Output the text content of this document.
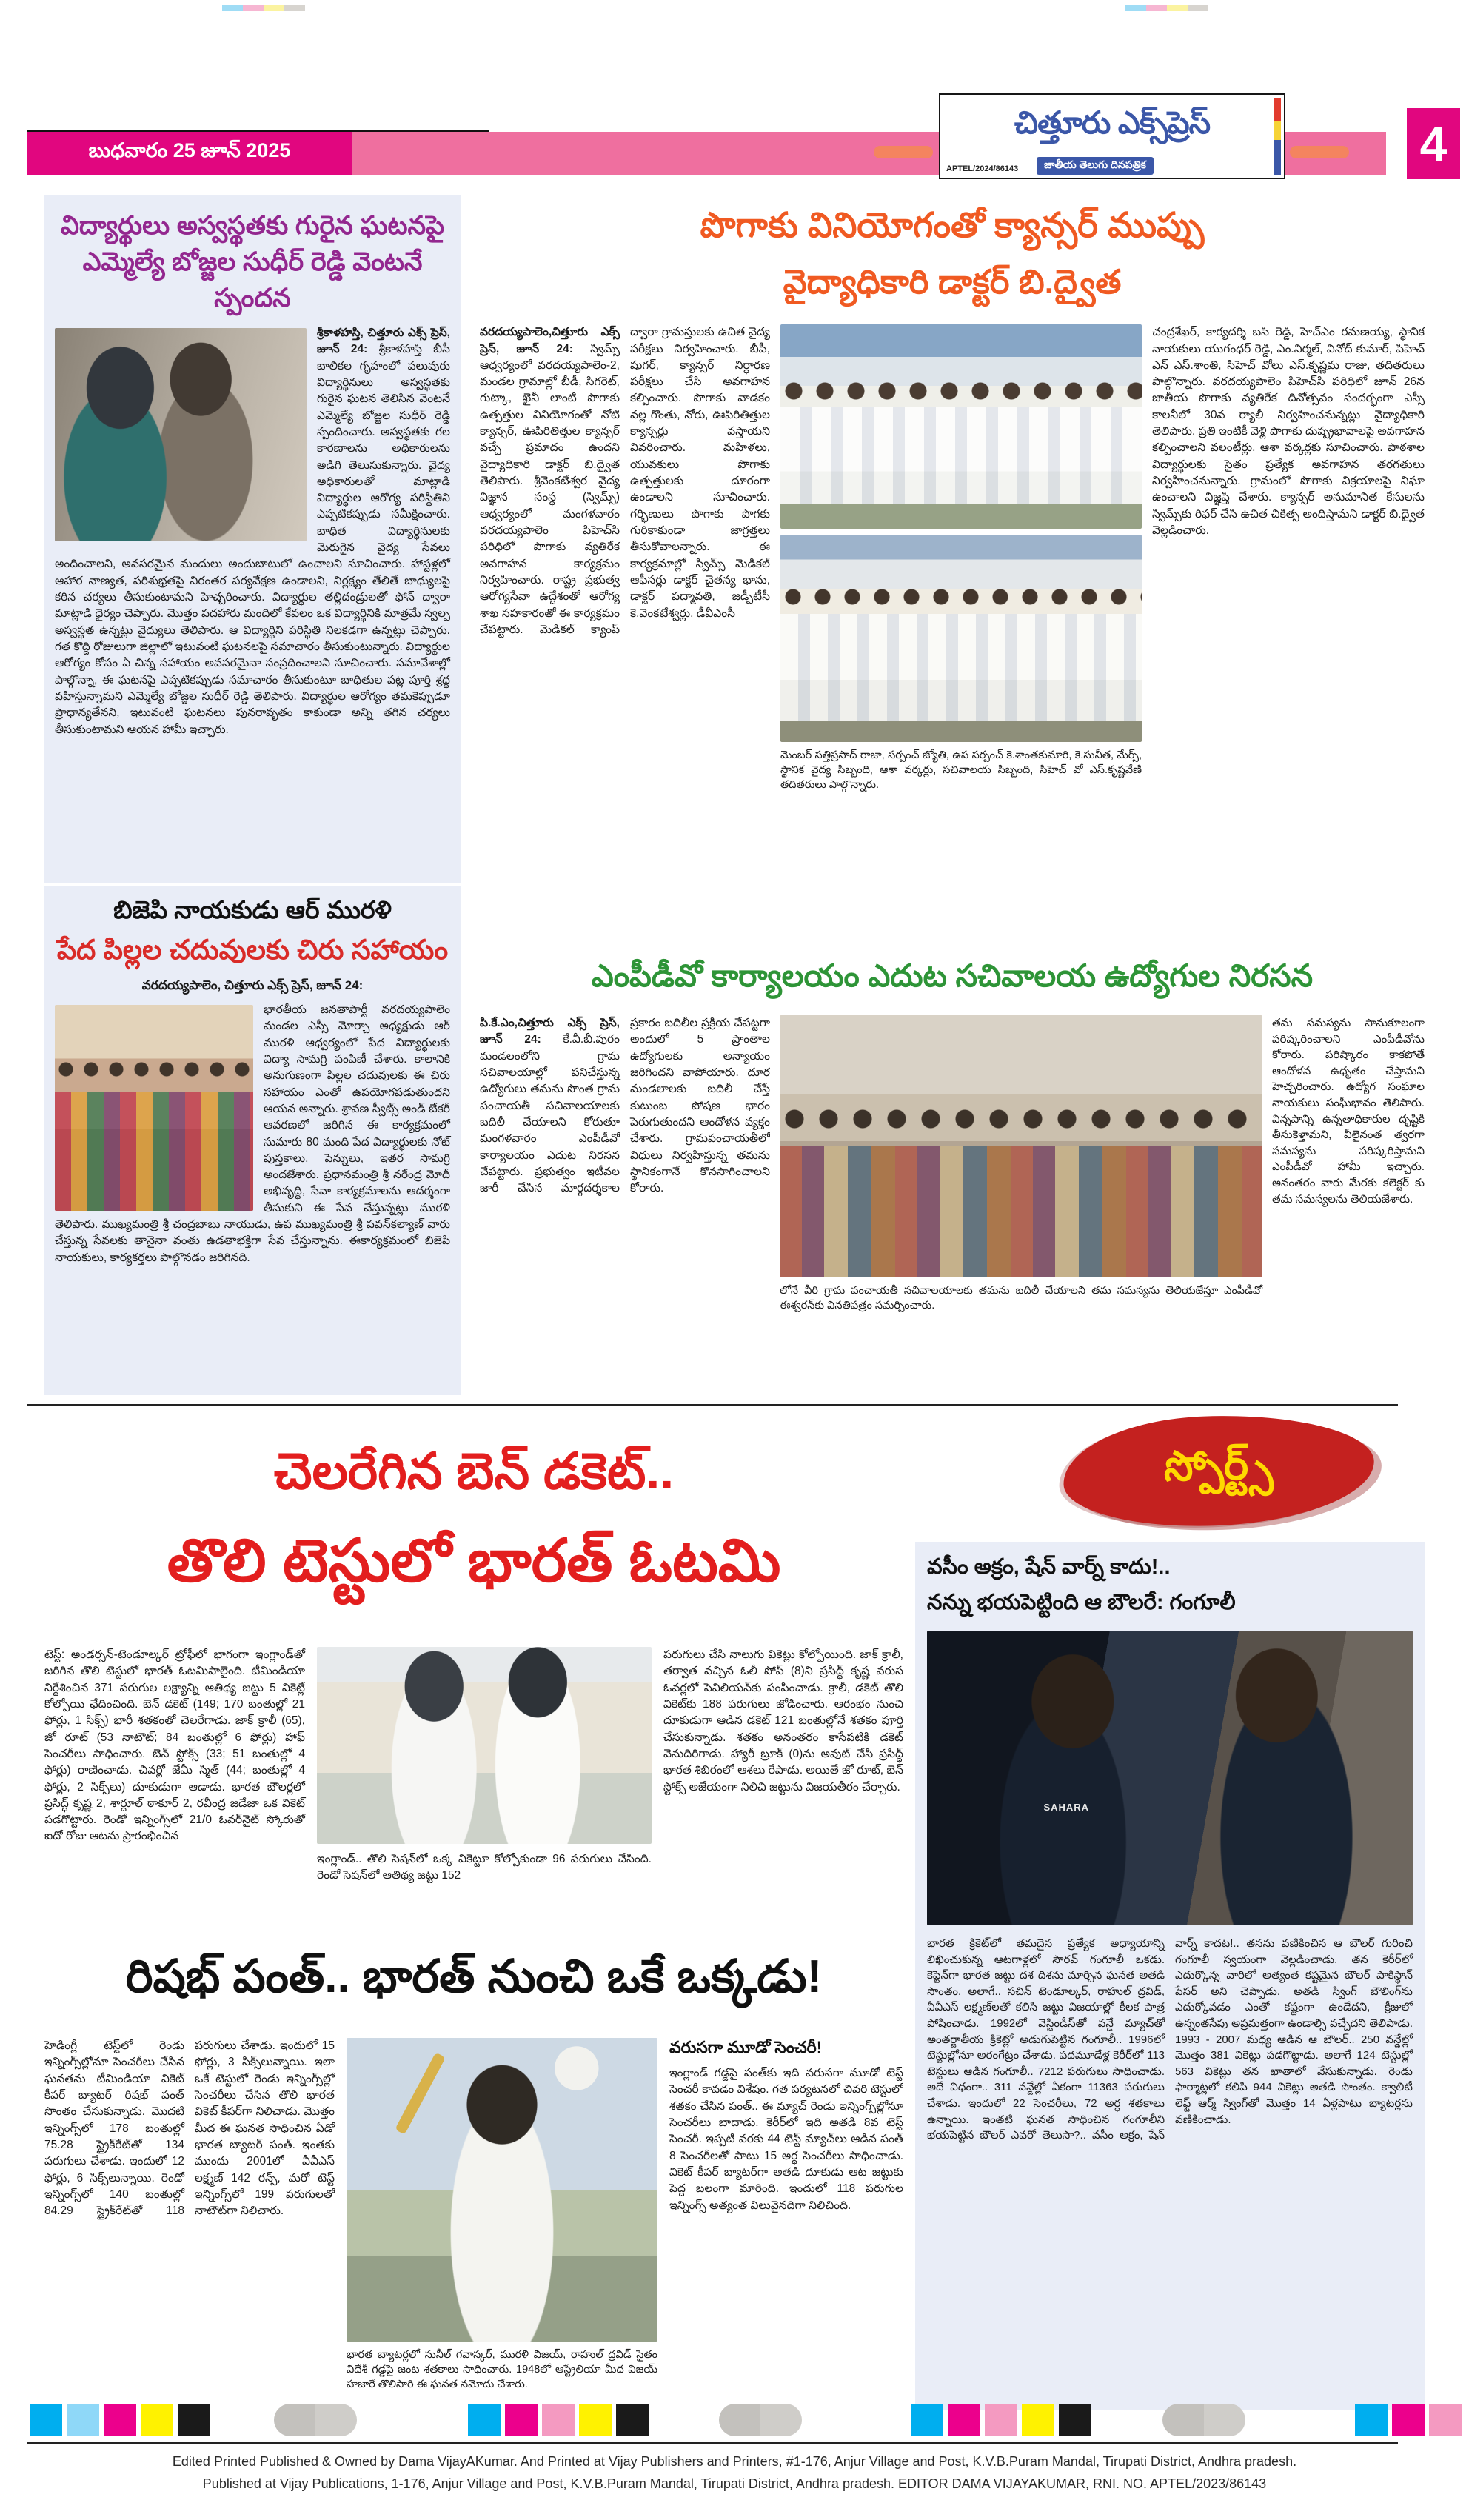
బుధవారం 25 జూన్ 2025
చిత్తూరు ఎక్స్‌ప్రెస్
APTEL/2024/86143	జాతీయ తెలుగు దినపత్రిక	4
విద్యార్థులు అస్వస్థతకు గురైన ఘటనపై
ఎమ్మెల్యే బోజ్జల సుధీర్ రెడ్డి వెంటనే స్పందన
శ్రీకాళహస్తి, చిత్తూరు ఎక్స్ ప్రెస్, జూన్ 24: శ్రీకాళహస్తి బీసీ బాలికల గృహంలో పలువురు విద్యార్థినులు అస్వస్థతకు గురైన ఘటన తెలిసిన వెంటనే ఎమ్మెల్యే బోజ్జల సుధీర్ రెడ్డి స్పందించారు. అస్వస్థతకు గల కారణాలను అధికారులను అడిగి తెలుసుకున్నారు. వైద్య అధికారులతో మాట్లాడి విద్యార్థుల ఆరోగ్య పరిస్థితిని ఎప్పటికప్పుడు సమీక్షించారు. బాధిత విద్యార్థినులకు మెరుగైన వైద్య సేవలు అందించాలని, అవసరమైన మందులు అందుబాటులో ఉంచాలని సూచించారు. హాస్టళ్లలో ఆహార నాణ్యత, పరిశుభ్రతపై నిరంతర పర్యవేక్షణ ఉండాలని, నిర్లక్ష్యం తేలితే బాధ్యులపై కఠిన చర్యలు తీసుకుంటామని హెచ్చరించారు. విద్యార్థుల తల్లిదండ్రులతో ఫోన్ ద్వారా మాట్లాడి ధైర్యం చెప్పారు. మొత్తం పదహారు మందిలో కేవలం ఒక విద్యార్థినికి మాత్రమే స్వల్ప అస్వస్థత ఉన్నట్లు వైద్యులు తెలిపారు. ఆ విద్యార్థిని పరిస్థితి నిలకడగా ఉన్నట్లు చెప్పారు. గత కొద్ది రోజులుగా జిల్లాలో ఇటువంటి ఘటనలపై సమాచారం తీసుకుంటున్నారు. విద్యార్థుల ఆరోగ్యం కోసం ఏ చిన్న సహాయం అవసరమైనా సంప్రదించాలని సూచించారు. సమావేశాల్లో పాల్గొన్నా, ఈ ఘటనపై ఎప్పటికప్పుడు సమాచారం తీసుకుంటూ బాధితుల పట్ల పూర్తి శ్రద్ధ వహిస్తున్నామని ఎమ్మెల్యే బోజ్జల సుధీర్ రెడ్డి తెలిపారు. విద్యార్థుల ఆరోగ్యం తమకెప్పుడూ ప్రాధాన్యతేనని, ఇటువంటి ఘటనలు పునరావృతం కాకుండా అన్ని తగిన చర్యలు తీసుకుంటామని ఆయన హామీ ఇచ్చారు.
పొగాకు వినియోగంతో క్యాన్సర్ ముప్పు
వైద్యాధికారి డాక్టర్ బి.ద్వైత
వరదయ్యపాలెం,చిత్తూరు ఎక్స్ ప్రెస్, జూన్ 24: స్విమ్స్ ఆధ్వర్యంలో వరదయ్యపాలెం-2, మండల గ్రామాల్లో బీడీ, సిగరెట్, గుట్కా, ఖైనీ లాంటి పొగాకు ఉత్పత్తుల వినియోగంతో నోటి క్యాన్సర్, ఊపిరితిత్తుల క్యాన్సర్ వచ్చే ప్రమాదం ఉందని వైద్యాధికారి డాక్టర్ బి.ద్వైత తెలిపారు. శ్రీవెంకటేశ్వర వైద్య విజ్ఞాన సంస్థ (స్విమ్స్) ఆధ్వర్యంలో మంగళవారం వరదయ్యపాలెం పిహెచ్‌సి పరిధిలో పొగాకు వ్యతిరేక అవగాహన కార్యక్రమం నిర్వహించారు. రాష్ట్ర ప్రభుత్వ ఆరోగ్యసేవా ఉద్దేశంతో ఆరోగ్య శాఖ సహకారంతో ఈ కార్యక్రమం చేపట్టారు. మెడికల్ క్యాంప్ ద్వారా గ్రామస్తులకు ఉచిత వైద్య పరీక్షలు నిర్వహించారు. బీపీ, షుగర్, క్యాన్సర్ నిర్ధారణ పరీక్షలు చేసి అవగాహన కల్పించారు. పొగాకు వాడకం వల్ల గొంతు, నోరు, ఊపిరితిత్తుల క్యాన్సర్లు వస్తాయని వివరించారు. మహిళలు, యువకులు పొగాకు ఉత్పత్తులకు దూరంగా ఉండాలని సూచించారు. గర్భిణులు పొగాకు పొగకు గురికాకుండా జాగ్రత్తలు తీసుకోవాలన్నారు. ఈ కార్యక్రమాల్లో స్విమ్స్ మెడికల్ ఆఫీసర్లు డాక్టర్ చైతన్య భాను, డాక్టర్ పద్మావతి, జడ్పీటీసీ కె.వెంకటేశ్వర్లు, డీవీఎంసీ
మెంబర్ సత్తిప్రసాద్ రాజా, సర్పంచ్ జ్యోతి, ఉప సర్పంచ్ కె.శాంతకుమారి, కె.సునీత, మేర్స్, స్థానిక వైద్య సిబ్బంది, ఆశా వర్కర్లు, సచివాలయ సిబ్బంది, సిహెచ్ వో ఎస్.కృష్ణవేణి తదితరులు పాల్గొన్నారు.
చంద్రశేఖర్, కార్యదర్శి బసి రెడ్డి, హెచ్ఎం రమణయ్య, స్థానిక నాయకులు యుగంధర్ రెడ్డి, ఎం.నిర్మల్, వినోద్ కుమార్, పిహెచ్ ఎన్ ఎస్.శాంతి, సిహెచ్ వోలు ఎస్.కృష్ణమ రాజు, తదితరులు పాల్గొన్నారు. వరదయ్యపాలెం పిహెచ్‌సి పరిధిలో జూన్ 26న జాతీయ పొగాకు వ్యతిరేక దినోత్సవం సందర్భంగా ఎస్సీ కాలనీలో 30వ ర్యాలీ నిర్వహించనున్నట్లు వైద్యాధికారి తెలిపారు. ప్రతి ఇంటికీ వెళ్లి పొగాకు దుష్ప్రభావాలపై అవగాహన కల్పించాలని వలంటీర్లు, ఆశా వర్కర్లకు సూచించారు. పాఠశాల విద్యార్థులకు సైతం ప్రత్యేక అవగాహన తరగతులు నిర్వహించనున్నారు. గ్రామంలో పొగాకు విక్రయాలపై నిఘా ఉంచాలని విజ్ఞప్తి చేశారు. క్యాన్సర్ అనుమానిత కేసులను స్విమ్స్‌కు రిఫర్ చేసి ఉచిత చికిత్స అందిస్తామని డాక్టర్ బి.ద్వైత వెల్లడించారు.
బిజెపి నాయకుడు ఆర్ మురళి
పేద పిల్లల చదువులకు చిరు సహాయం
వరదయ్యపాలెం, చిత్తూరు ఎక్స్ ప్రెస్, జూన్ 24:
భారతీయ జనతాపార్టీ వరదయ్యపాలెం మండల ఎస్సీ మోర్చా అధ్యక్షుడు ఆర్ మురళి ఆధ్వర్యంలో పేద విద్యార్థులకు విద్యా సామగ్రి పంపిణీ చేశారు. కాలానికి అనుగుణంగా పిల్లల చదువులకు ఈ చిరు సహాయం ఎంతో ఉపయోగపడుతుందని ఆయన అన్నారు. శ్రావణ స్వీట్స్ అండ్ బేకరీ ఆవరణలో జరిగిన ఈ కార్యక్రమంలో సుమారు 80 మంది పేద విద్యార్థులకు నోట్ పుస్తకాలు, పెన్నులు, ఇతర సామగ్రి అందజేశారు. ప్రధానమంత్రి శ్రీ నరేంద్ర మోదీ అభివృద్ధి, సేవా కార్యక్రమాలను ఆదర్శంగా తీసుకుని ఈ సేవ చేస్తున్నట్లు మురళి తెలిపారు. ముఖ్యమంత్రి శ్రీ చంద్రబాబు నాయుడు, ఉప ముఖ్యమంత్రి శ్రీ పవన్‌కల్యాణ్ వారు చేస్తున్న సేవలకు తానైనా వంతు ఉడతాభక్తిగా సేవ చేస్తున్నాను. ఈకార్యక్రమంలో బిజెపి నాయకులు, కార్యకర్తలు పాల్గొనడం జరిగినది.
ఎంపీడీవో కార్యాలయం ఎదుట సచివాలయ ఉద్యోగుల నిరసన
పి.కే.ఎం,చిత్తూరు ఎక్స్ ప్రెస్, జూన్ 24: కే.వీ.బీ.పురం మండలంలోని గ్రామ సచివాలయాల్లో పనిచేస్తున్న ఉద్యోగులు తమను సొంత గ్రామ పంచాయతీ సచివాలయాలకు బదిలీ చేయాలని కోరుతూ మంగళవారం ఎంపీడీవో కార్యాలయం ఎదుట నిరసన చేపట్టారు. ప్రభుత్వం ఇటీవల జారీ చేసిన మార్గదర్శకాల ప్రకారం బదిలీల ప్రక్రియ చేపట్టగా అందులో 5 ప్రాంతాల ఉద్యోగులకు అన్యాయం జరిగిందని వాపోయారు. దూర మండలాలకు బదిలీ చేస్తే కుటుంబ పోషణ భారం పెరుగుతుందని ఆందోళన వ్యక్తం చేశారు. గ్రామపంచాయతీలో విధులు నిర్వహిస్తున్న తమను స్థానికంగానే కొనసాగించాలని కోరారు.
లోనే వీరి గ్రామ పంచాయతీ సచివాలయాలకు తమను బదిలీ చేయాలని తమ సమస్యను తెలియజేస్తూ ఎంపీడీవో ఈశ్వరన్‌కు వినతిపత్రం సమర్పించారు.
తమ సమస్యను సానుకూలంగా పరిష్కరించాలని ఎంపీడీవోను కోరారు. పరిష్కారం కాకపోతే ఆందోళన ఉధృతం చేస్తామని హెచ్చరించారు. ఉద్యోగ సంఘాల నాయకులు సంఘీభావం తెలిపారు. విన్నపాన్ని ఉన్నతాధికారుల దృష్టికి తీసుకెళ్తామని, వీలైనంత త్వరగా సమస్యను పరిష్కరిస్తామని ఎంపీడీవో హామీ ఇచ్చారు. అనంతరం వారు మేరకు కలెక్టర్ కు తమ సమస్యలను తెలియజేశారు.
స్పోర్ట్స్
చెలరేగిన బెన్ డకెట్..
తొలి టెస్టులో భారత్ ఓటమి	వసీం అక్రం, షేన్ వార్న్ కాదు!..
నన్ను భయపెట్టింది ఆ బౌలరే: గంగూలీ
SAHARA
భారత క్రికెట్‌లో తమదైన ప్రత్యేక అధ్యాయాన్ని లిఖించుకున్న ఆటగాళ్లలో సౌరవ్ గంగూలీ ఒకడు. కెప్టెన్‌గా భారత జట్టు దశ దిశను మార్చిన ఘనత అతడి సొంతం. అలాగే.. సచిన్ టెండూల్కర్, రాహుల్ ద్రవిడ్, వీవీఎస్ లక్ష్మణ్‌లతో కలిసి జట్టు విజయాల్లో కీలక పాత్ర పోషించాడు. 1992లో వెస్టిండీస్‌తో వన్డే మ్యాచ్‌తో అంతర్జాతీయ క్రికెట్లో అడుగుపెట్టిన గంగూలీ.. 1996లో టెస్టుల్లోనూ అరంగేట్రం చేశాడు. పదమూడేళ్ల కెరీర్‌లో 113 టెస్టులు ఆడిన గంగూలీ.. 7212 పరుగులు సాధించాడు. అదే విధంగా.. 311 వన్డేల్లో ఏకంగా 11363 పరుగులు చేశాడు. ఇందులో 22 సెంచరీలు, 72 అర్ధ శతకాలు ఉన్నాయి. ఇంతటి ఘనత సాధించిన గంగూలీని భయపెట్టిన బౌలర్ ఎవరో తెలుసా?.. వసీం అక్రం, షేన్ వార్న్ కాదట!.. తనను వణికించిన ఆ బౌలర్ గురించి గంగూలీ స్వయంగా వెల్లడించాడు. తన కెరీర్‌లో ఎదుర్కొన్న వారిలో అత్యంత కష్టమైన బౌలర్ పాకిస్థాన్ పేసర్ అని చెప్పాడు. అతడి స్వింగ్ బౌలింగ్‌ను ఎదుర్కోవడం ఎంతో కష్టంగా ఉండేదని, క్రీజులో ఉన్నంతసేపు అప్రమత్తంగా ఉండాల్సి వచ్చేదని తెలిపాడు. 1993 - 2007 మధ్య ఆడిన ఆ బౌలర్.. 250 వన్డేల్లో మొత్తం 381 వికెట్లు పడగొట్టాడు. అలాగే 124 టెస్టుల్లో 563 వికెట్లు తన ఖాతాలో వేసుకున్నాడు. రెండు ఫార్మాట్లలో కలిపి 944 వికెట్లు అతడి సొంతం. క్వాలిటీ లెఫ్ట్ ఆర్మ్ స్వింగ్‌తో మొత్తం 14 ఏళ్లపాటు బ్యాటర్లను వణికించాడు.
టెస్ట్: అండర్సన్-టెండూల్కర్ ట్రోఫీలో భాగంగా ఇంగ్లాండ్‌తో జరిగిన తొలి టెస్టులో భారత్ ఓటమిపాలైంది. టీమిండియా నిర్దేశించిన 371 పరుగుల లక్ష్యాన్ని ఆతిథ్య జట్టు 5 వికెట్లే కోల్పోయి ఛేదించింది. బెన్ డకెట్ (149; 170 బంతుల్లో 21 ఫోర్లు, 1 సిక్స్) భారీ శతకంతో చెలరేగాడు. జాక్ క్రాలీ (65), జో రూట్ (53 నాటౌట్; 84 బంతుల్లో 6 ఫోర్లు) హాఫ్ సెంచరీలు సాధించారు. బెన్ స్టోక్స్ (33; 51 బంతుల్లో 4 ఫోర్లు) రాణించాడు. చివర్లో జేమీ స్మిత్ (44; బంతుల్లో 4 ఫోర్లు, 2 సిక్స్‌లు) దూకుడుగా ఆడాడు. భారత బౌలర్లలో ప్రసిద్ధ్ కృష్ణ 2, శార్దూల్ ఠాకూర్ 2, రవీంద్ర జడేజా ఒక వికెట్ పడగొట్టారు. రెండో ఇన్నింగ్స్‌లో 21/0 ఓవర్‌నైట్ స్కోరుతో ఐదో రోజు ఆటను ప్రారంభించిన
ఇంగ్లాండ్.. తొలి సెషన్‌లో ఒక్క వికెట్టూ కోల్పోకుండా 96 పరుగులు చేసింది. రెండో సెషన్‌లో ఆతిథ్య జట్టు 152
పరుగులు చేసి నాలుగు వికెట్లు కోల్పోయింది. జాక్ క్రాలీ, తర్వాత వచ్చిన ఓలీ పోప్ (8)ని ప్రసిద్ధ్ కృష్ణ వరుస ఓవర్లలో పెవిలియన్‌కు పంపించాడు. క్రాలీ, డకెట్ తొలి వికెట్‌కు 188 పరుగులు జోడించారు. ఆరంభం నుంచి దూకుడుగా ఆడిన డకెట్ 121 బంతుల్లోనే శతకం పూర్తి చేసుకున్నాడు. శతకం అనంతరం కాసేపటికి డకెట్ వెనుదిరిగాడు. హ్యారీ బ్రూక్ (0)ను అవుట్ చేసి ప్రసిద్ధ్ భారత శిబిరంలో ఆశలు రేపాడు. అయితే జో రూట్, బెన్ స్టోక్స్ అజేయంగా నిలిచి జట్టును విజయతీరం చేర్చారు.
రిషభ్ పంత్.. భారత్ నుంచి ఒకే ఒక్కడు!
హెడింగ్లీ టెస్ట్‌లో రెండు ఇన్నింగ్స్‌ల్లోనూ సెంచరీలు చేసిన ఘనతను టీమిండియా వికెట్ కీపర్ బ్యాటర్ రిషభ్ పంత్ సొంతం చేసుకున్నాడు. మొదటి ఇన్నింగ్స్‌లో 178 బంతుల్లో 75.28 స్ట్రైక్‌రేట్‌తో 134 పరుగులు చేశాడు. ఇందులో 12 ఫోర్లు, 6 సిక్స్‌లున్నాయి. రెండో ఇన్నింగ్స్‌లో 140 బంతుల్లో 84.29 స్ట్రైక్‌రేట్‌తో 118 పరుగులు చేశాడు. ఇందులో 15 ఫోర్లు, 3 సిక్స్‌లున్నాయి. ఇలా ఒకే టెస్టులో రెండు ఇన్నింగ్స్‌ల్లో సెంచరీలు చేసిన తొలి భారత వికెట్ కీపర్‌గా నిలిచాడు. మొత్తం మీద ఈ ఘనత సాధించిన ఏడో భారత బ్యాటర్ పంత్. ఇంతకు ముందు 2001లో వీవీఎస్ లక్ష్మణ్ 142 రన్స్, మరో టెస్ట్ ఇన్నింగ్స్‌లో 199 పరుగులతో నాటౌట్‌గా నిలిచారు.
భారత బ్యాటర్లలో సునీల్ గవాస్కర్, మురళి విజయ్, రాహుల్ ద్రవిడ్ సైతం విదేశీ గడ్డపై జంట శతకాలు సాధించారు. 1948లో ఆస్ట్రేలియా మీద విజయ్ హజారే తొలిసారి ఈ ఘనత నమోదు చేశారు.
వరుసగా మూడో సెంచరీ!
ఇంగ్లాండ్ గడ్డపై పంత్‌కు ఇది వరుసగా మూడో టెస్ట్ సెంచరీ కావడం విశేషం. గత పర్యటనలో చివరి టెస్టులో శతకం చేసిన పంత్.. ఈ మ్యాచ్ రెండు ఇన్నింగ్స్‌ల్లోనూ సెంచరీలు బాదాడు. కెరీర్‌లో ఇది అతడి 8వ టెస్ట్ సెంచరీ. ఇప్పటి వరకు 44 టెస్ట్ మ్యాచ్‌లు ఆడిన పంత్ 8 సెంచరీలతో పాటు 15 అర్ధ సెంచరీలు సాధించాడు. వికెట్ కీపర్ బ్యాటర్‌గా అతడి దూకుడు ఆట జట్టుకు పెద్ద బలంగా మారింది. ఇందులో 118 పరుగుల ఇన్నింగ్స్ అత్యంత విలువైనదిగా నిలిచింది.
Edited Printed Published & Owned by Dama VijayAKumar. And Printed at Vijay Publishers and Printers, #1-176, Anjur Village and Post, K.V.B.Puram Mandal, Tirupati District, Andhra pradesh.
Published at Vijay Publications, 1-176, Anjur Village and Post, K.V.B.Puram Mandal, Tirupati District, Andhra pradesh. EDITOR DAMA VIJAYAKUMAR, RNI. NO. APTEL/2023/86143
